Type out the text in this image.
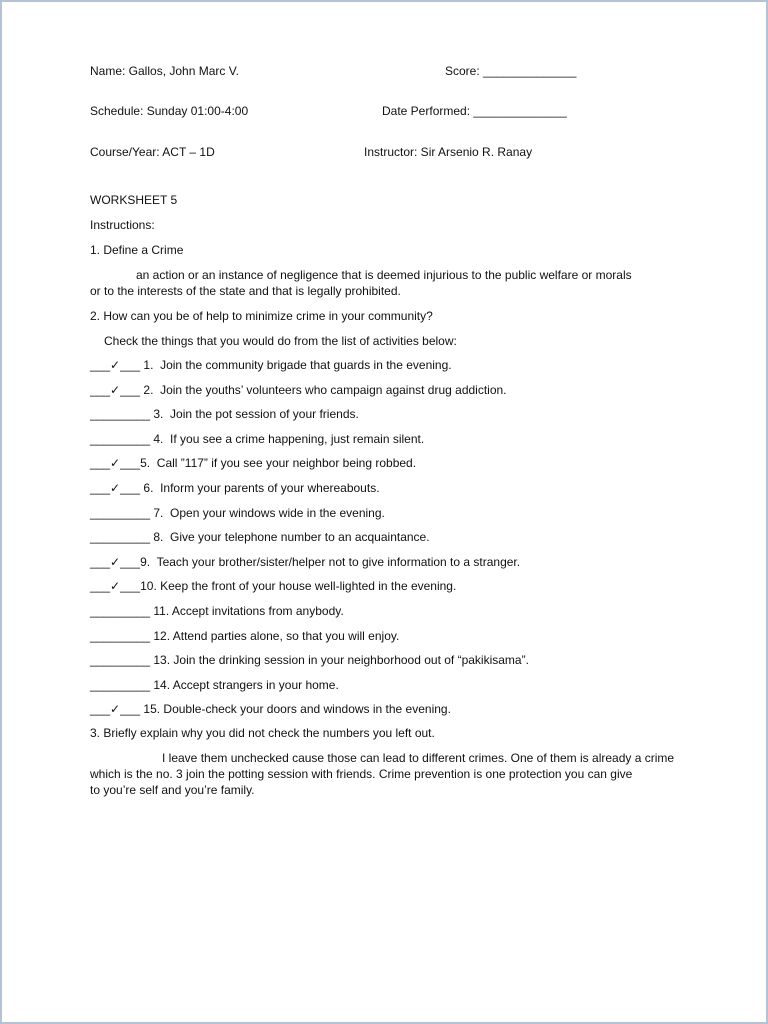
Name: Gallos, John Marc V.	Score: ______________
Schedule: Sunday 01:00-4:00	Date Performed: ______________
Course/Year: ACT – 1D	Instructor: Sir Arsenio R. Ranay
WORKSHEET 5
Instructions:
1. Define a Crime
an action or an instance of negligence that is deemed injurious to the public welfare or morals
or to the interests of the state and that is legally prohibited.
2. How can you be of help to minimize crime in your community?
Check the things that you would do from the list of activities below:
___✓___ 1.  Join the community brigade that guards in the evening.
___✓___ 2.  Join the youths’ volunteers who campaign against drug addiction.
_________ 3.  Join the pot session of your friends.
_________ 4.  If you see a crime happening, just remain silent.
___✓___5.  Call ”117” if you see your neighbor being robbed.
___✓___ 6.  Inform your parents of your whereabouts.
_________ 7.  Open your windows wide in the evening.
_________ 8.  Give your telephone number to an acquaintance.
___✓___9.  Teach your brother/sister/helper not to give information to a stranger.
___✓___10. Keep the front of your house well-lighted in the evening.
_________ 11. Accept invitations from anybody.
_________ 12. Attend parties alone, so that you will enjoy.
_________ 13. Join the drinking session in your neighborhood out of “pakikisama”.
_________ 14. Accept strangers in your home.
___✓___ 15. Double-check your doors and windows in the evening.
3. Briefly explain why you did not check the numbers you left out.
I leave them unchecked cause those can lead to different crimes. One of them is already a crime
which is the no. 3 join the potting session with friends. Crime prevention is one protection you can give
to you’re self and you’re family.
